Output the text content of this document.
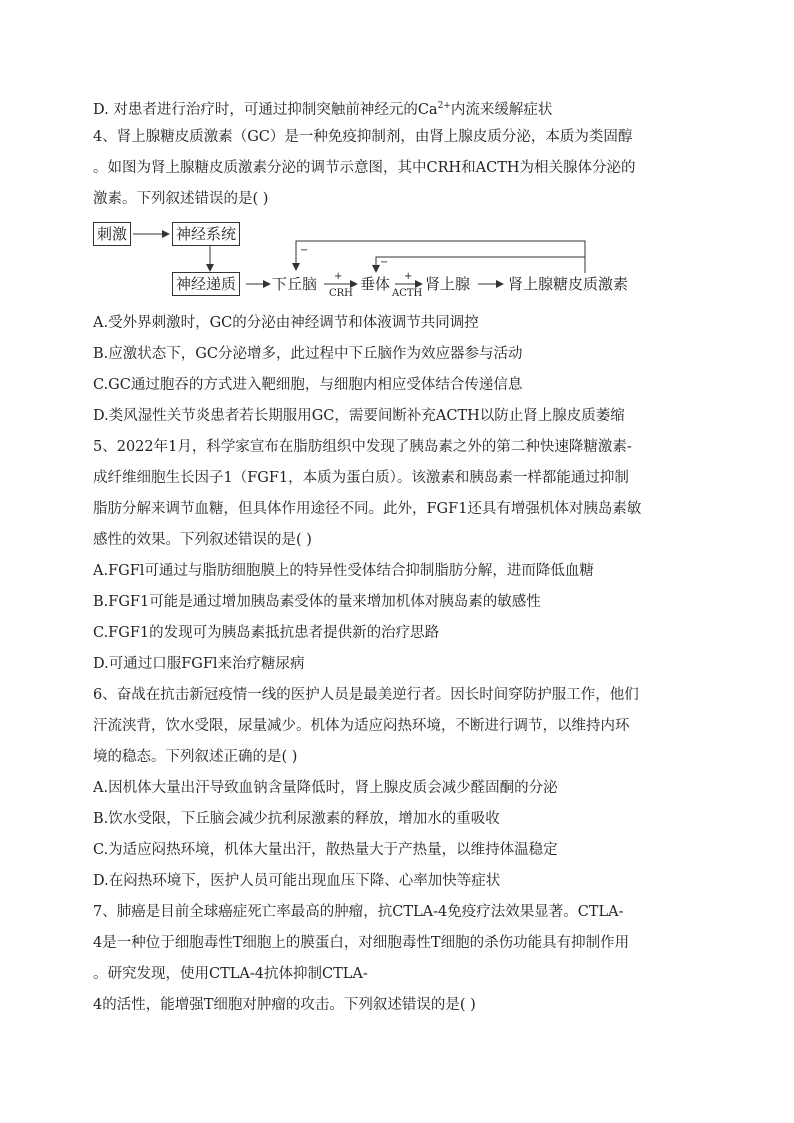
D. 对患者进行治疗时，可通过抑制突触前神经元的$Ca^{2+}$内流来缓解症状
4、肾上腺糖皮质激素（GC）是一种免疫抑制剂，由肾上腺皮质分泌，本质为类固醇
。如图为肾上腺糖皮质激素分泌的调节示意图，其中CRH和ACTH为相关腺体分泌的
激素。下列叙述错误的是( )
刺激	神经系统
神经递质 下丘脑	垂体 肾上腺	肾上腺糖皮质激素
+
CRH
+
ACTH
−
−
A.受外界刺激时，GC的分泌由神经调节和体液调节共同调控
B.应激状态下，GC分泌增多，此过程中下丘脑作为效应器参与活动
C.GC通过胞吞的方式进入靶细胞，与细胞内相应受体结合传递信息
D.类风湿性关节炎患者若长期服用GC，需要间断补充ACTH以防止肾上腺皮质萎缩
5、2022年1月，科学家宣布在脂肪组织中发现了胰岛素之外的第二种快速降糖激素-
成纤维细胞生长因子1（FGF1，本质为蛋白质）。该激素和胰岛素一样都能通过抑制
脂肪分解来调节血糖，但具体作用途径不同。此外，FGF1还具有增强机体对胰岛素敏
感性的效果。下列叙述错误的是( )
A.FGFl可通过与脂肪细胞膜上的特异性受体结合抑制脂肪分解，进而降低血糖
B.FGF1可能是通过增加胰岛素受体的量来增加机体对胰岛素的敏感性
C.FGF1的发现可为胰岛素抵抗患者提供新的治疗思路
D.可通过口服FGFl来治疗糖尿病
6、奋战在抗击新冠疫情一线的医护人员是最美逆行者。因长时间穿防护服工作，他们
汗流浃背，饮水受限，尿量减少。机体为适应闷热环境，不断进行调节，以维持内环
境的稳态。下列叙述正确的是( )
A.因机体大量出汗导致血钠含量降低时，肾上腺皮质会减少醛固酮的分泌
B.饮水受限，下丘脑会减少抗利尿激素的释放，增加水的重吸收
C.为适应闷热环境，机体大量出汗，散热量大于产热量，以维持体温稳定
D.在闷热环境下，医护人员可能出现血压下降、心率加快等症状
7、肺癌是目前全球癌症死亡率最高的肿瘤，抗CTLA-4免疫疗法效果显著。CTLA-
4是一种位于细胞毒性T细胞上的膜蛋白，对细胞毒性T细胞的杀伤功能具有抑制作用
。研究发现，使用CTLA-4抗体抑制CTLA-
4的活性，能增强T细胞对肿瘤的攻击。下列叙述错误的是( )
